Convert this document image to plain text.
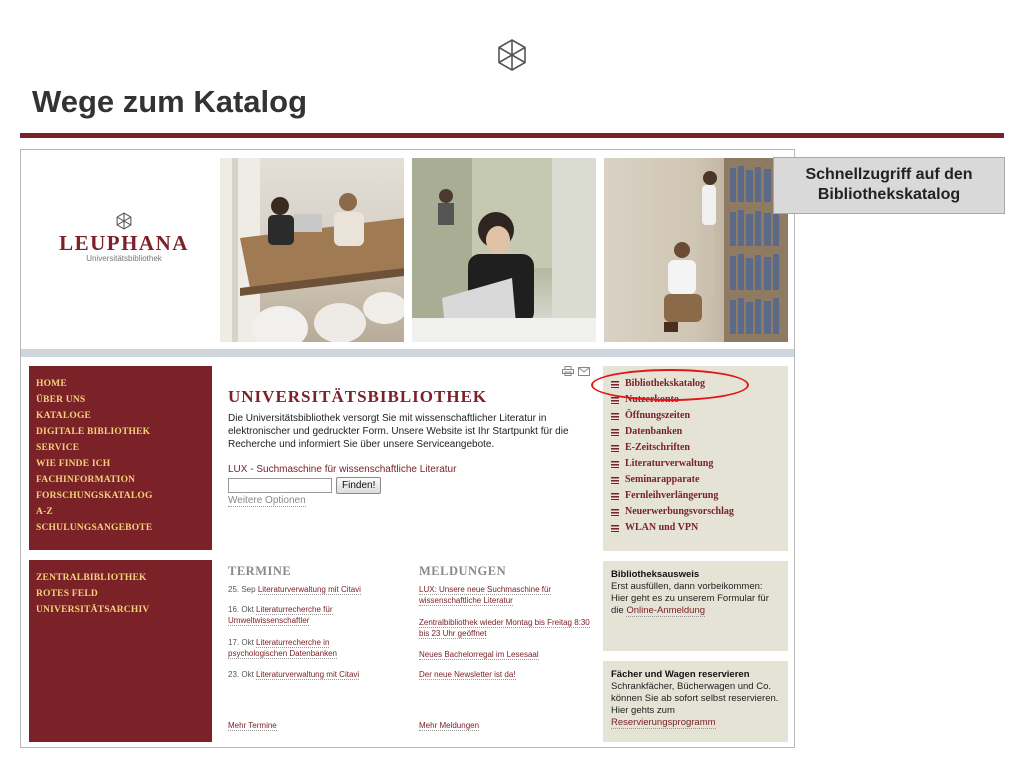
Wege zum Katalog
LEUPHANA
Universitätsbibliothek
HOME
ÜBER UNS
KATALOGE
DIGITALE BIBLIOTHEK
SERVICE
WIE FINDE ICH
FACHINFORMATION
FORSCHUNGSKATALOG
A-Z
SCHULUNGSANGEBOTE
ZENTRALBIBLIOTHEK
ROTES FELD
UNIVERSITÄTSARCHIV
UNIVERSITÄTSBIBLIOTHEK
Die Universitätsbibliothek versorgt Sie mit wissenschaftlicher Literatur in elektronischer und gedruckter Form. Unsere Website ist Ihr Startpunkt für die Recherche und informiert Sie über unsere Serviceangebote.
LUX - Suchmaschine für wissenschaftliche Literatur
Finden!
Weitere Optionen
TERMINE
25. Sep Literaturverwaltung mit Citavi
16. Okt Literaturrecherche für Umweltwissenschaftler
17. Okt Literaturrecherche in psychologischen Datenbanken
23. Okt Literaturverwaltung mit Citavi
Mehr Termine
MELDUNGEN
LUX: Unsere neue Suchmaschine für wissenschaftliche Literatur
Zentralbibliothek wieder Montag bis Freitag 8:30 bis 23 Uhr geöffnet
Neues Bachelorregal im Lesesaal
Der neue Newsletter ist da!
Mehr Meldungen
Bibliothekskatalog
Nutzerkonto
Öffnungszeiten
Datenbanken
E-Zeitschriften
Literaturverwaltung
Seminarapparate
Fernleihverlängerung
Neuerwerbungsvorschlag
WLAN und VPN
Bibliotheksausweis
Erst ausfüllen, dann vorbeikommen: Hier geht es zu unserem Formular für die Online-Anmeldung
Fächer und Wagen reservieren
Schrankfächer, Bücherwagen und Co. können Sie ab sofort selbst reservieren. Hier gehts zum Reservierungsprogramm
Schnellzugriff auf den
Bibliothekskatalog
